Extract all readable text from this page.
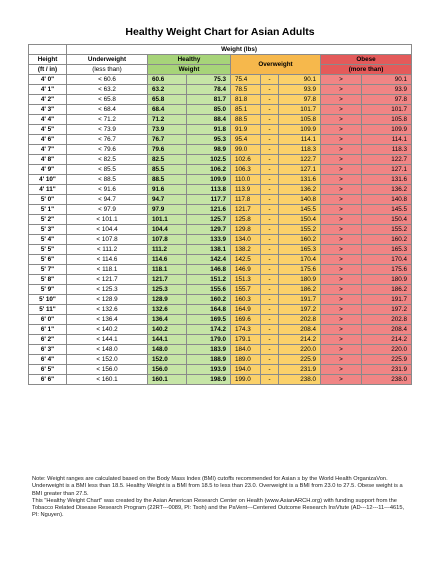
Healthy Weight Chart for Asian Adults
	Weight (lbs)							
Height	Underweight	Healthy		Overweight			Obese	
(ft / in)	(less than)	Weight					(more than)	
4' 0"	< 60.6	60.6	75.3	75.4	-	90.1	>	90.1
4' 1"	< 63.2	63.2	78.4	78.5	-	93.9	>	93.9
4' 2"	< 65.8	65.8	81.7	81.8	-	97.8	>	97.8
4' 3"	< 68.4	68.4	85.0	85.1	-	101.7	>	101.7
4' 4"	< 71.2	71.2	88.4	88.5	-	105.8	>	105.8
4' 5"	< 73.9	73.9	91.8	91.9	-	109.9	>	109.9
4' 6"	< 76.7	76.7	95.3	95.4	-	114.1	>	114.1
4' 7"	< 79.6	79.6	98.9	99.0	-	118.3	>	118.3
4' 8"	< 82.5	82.5	102.5	102.6	-	122.7	>	122.7
4' 9"	< 85.5	85.5	106.2	106.3	-	127.1	>	127.1
4' 10"	< 88.5	88.5	109.9	110.0	-	131.6	>	131.6
4' 11"	< 91.6	91.6	113.8	113.9	-	136.2	>	136.2
5' 0"	< 94.7	94.7	117.7	117.8	-	140.8	>	140.8
5' 1"	< 97.9	97.9	121.6	121.7	-	145.5	>	145.5
5' 2"	< 101.1	101.1	125.7	125.8	-	150.4	>	150.4
5' 3"	< 104.4	104.4	129.7	129.8	-	155.2	>	155.2
5' 4"	< 107.8	107.8	133.9	134.0	-	160.2	>	160.2
5' 5"	< 111.2	111.2	138.1	138.2	-	165.3	>	165.3
5' 6"	< 114.6	114.6	142.4	142.5	-	170.4	>	170.4
5' 7"	< 118.1	118.1	146.8	146.9	-	175.6	>	175.6
5' 8"	< 121.7	121.7	151.2	151.3	-	180.9	>	180.9
5' 9"	< 125.3	125.3	155.6	155.7	-	186.2	>	186.2
5' 10"	< 128.9	128.9	160.2	160.3	-	191.7	>	191.7
5' 11"	< 132.6	132.6	164.8	164.9	-	197.2	>	197.2
6' 0"	< 136.4	136.4	169.5	169.6	-	202.8	>	202.8
6' 1"	< 140.2	140.2	174.2	174.3	-	208.4	>	208.4
6' 2"	< 144.1	144.1	179.0	179.1	-	214.2	>	214.2
6' 3"	< 148.0	148.0	183.9	184.0	-	220.0	>	220.0
6' 4"	< 152.0	152.0	188.9	189.0	-	225.9	>	225.9
6' 5"	< 156.0	156.0	193.9	194.0	-	231.9	>	231.9
6' 6"	< 160.1	160.1	198.9	199.0	-	238.0	>	238.0
Note: Weight ranges are calculated based on the Body Mass Index (BMI) cutoffs recommended for Asian s by the World Health OrganizaVon. Underweight is a BMI less than 18.5. Healthy Weight is a BMI from 18.5 to less than 23.0. Overweight is a BMI from 23.0 to 27.5. Obese weight is a BMI greater than 27.5.
This "Healthy Weight Chart" was created by the Asian American Research Center on Health (www.AsianARCH.org) with funding support from the Tobacco Related Disease Research Program (22RT---0089, PI: Tsoh) and the PaVent---Centered Outcome Research InsVtute (AD---12---11---4615, PI: Nguyen).
